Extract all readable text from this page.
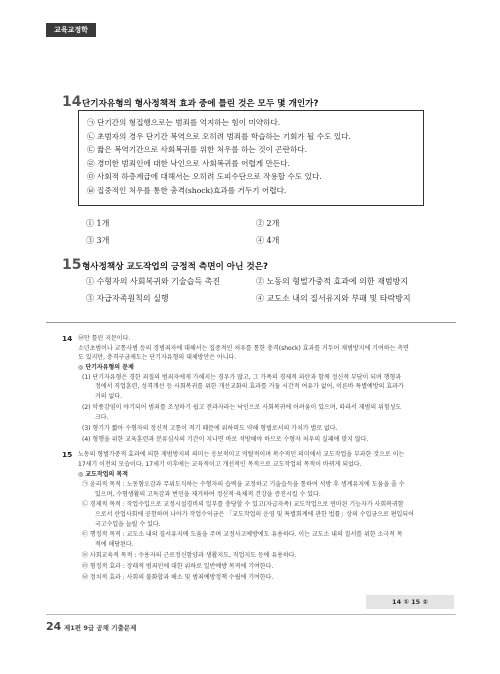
교육교정학
14 단기자유형의 형사정책적 효과 중에 틀린 것은 모두 몇 개인가?
㉠ 단기간의 형집행으로는 범죄를 억지하는 힘이 미약하다.
㉡ 초범자의 경우 단기간 복역으로 오히려 범죄를 학습하는 기회가 될 수도 있다.
㉢ 짧은 복역기간으로 사회복귀를 위한 처우를 하는 것이 곤란하다.
㉣ 경미한 범죄인에 대한 낙인으로 사회복귀를 어렵게 만든다.
㉤ 사회적 하층계급에 대해서는 오히려 도피수단으로 작용할 수도 있다.
㉥ 집중적인 처우를 통한 충격(shock)효과를 거두기 어렵다.
① 1개	② 2개
③ 3개	④ 4개
15 형사정책상 교도작업의 긍정적 측면이 아닌 것은?
① 수형자의 사회복귀와 기술습득 촉진	② 노동의 형벌가중적 효과에 의한 재범방지
③ 자급자족원칙의 실행	④ 교도소 내의 질서유지와 부패 및 타락방지
14 ㉥만 틀린 지문이다.
소년초범이나 교통사범 등의 경범죄자에 대해서는 집중적인 처우를 통한 충격(shock) 효과를 거두어 재범방지에 기여하는 측면
도 있지만, 충격구금제도는 단기자유형의 대체방안은 아니다.
◎ 단기자유형의 문제
(1) 단기자유형은 경한 죄질의 범죄자에게 가해지는 경우가 많고, 그 가족의 경제적 파탄과 함께 정신적 부담이 되며 행형과
정에서 직업훈련, 성격개선 등 사회복귀를 위한 개선교화의 효과를 거둘 시간적 여유가 없어, 이른바 특별예방의 효과가
거의 없다.
(2) 악풍감염이 야기되어 범죄를 조성하기 쉽고 전과자라는 낙인으로 사회복귀에 어려움이 있으며, 따라서 재범의 위험성도
크다.
(3) 형기가 짧아 수형자의 정신적 고통이 적기 때문에 위하력도 약해 형벌로서의 가치가 별로 없다.
(4) 형행을 위한 교육훈련과 분류심사의 기간이 지나면 바로 석방해야 하므로 수형자 처우의 실패에 맞지 않다.
15 노동의 형벌가중적 효과에 의한 재범방지의 의미는 응보적이고 억탈적이며 복수적인 의미에서 교도작업을 부과한 것으로 이는
17세기 이전의 모습이다. 17세기 이후에는 교육적이고 개선적인 목적으로 교도작업의 목적이 바뀌게 되었다.
◎ 교도작업의 목적
㉠ 윤리적 목적 : 노동혐오감과 무위도식하는 수형자의 습벽을 교정하고 기술습득을 통하여 석방 후 생계유지에 도움을 줄 수
있으며, 수형생활의 고독감과 번민을 제거하여 정신적·육체적 건강을 증진시킬 수 있다.
㉡ 경제적 목적 : 작업수입으로 교정시설경비의 일부를 충당할 수 있고(자급자족) 교도작업으로 연마된 기능자가 사회복귀함
으로서 산업사회에 공헌하며 나아가 작업수익금은 「교도작업의 운영 및 특별회계에 관한 법률」상의 수입금으로 편입되어
국고수입을 늘릴 수 있다.
㉢ 행정적 목적 : 교도소 내의 질서유지에 도움을 주며 교정사고예방에도 유용하다. 이는 교도소 내의 질서를 위한 소극적 목
적에 해당된다.
㉣ 사회교육적 목적 : 수용자의 근로정신함양과 생활지도, 직업지도 등에 유용하다.
㉤ 형정적 효과 : 장래적 범죄인에 대한 위하로 일반예방 목적에 기여한다.
㉥ 정치적 효과 : 사회의 불화합과 해소 및 범죄예방정책 수립에 기여한다.
14 ① 15 ②
24 제1편 9급 공채 기출문제
